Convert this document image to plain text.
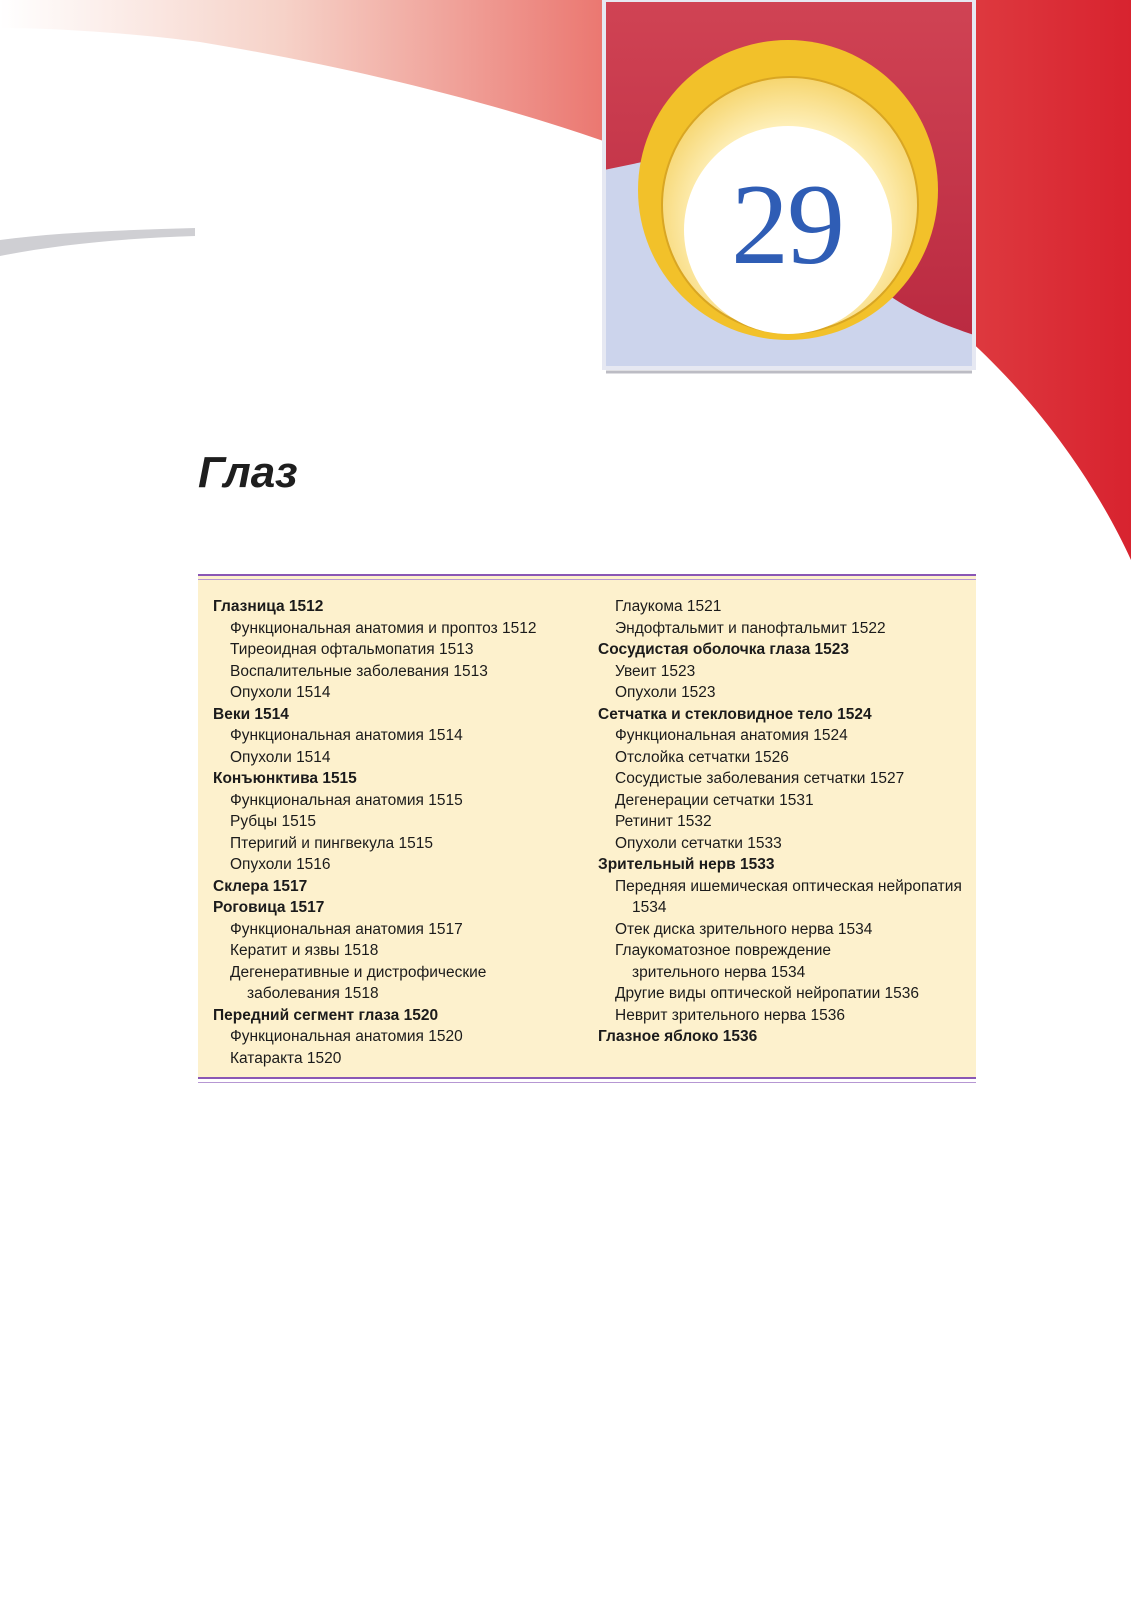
29
Глаз
Глазница 1512
Функциональная анатомия и проптоз 1512
Тиреоидная офтальмопатия 1513
Воспалительные заболевания 1513
Опухоли 1514
Веки 1514
Функциональная анатомия 1514
Опухоли 1514
Конъюнктива 1515
Функциональная анатомия 1515
Рубцы 1515
Птеригий и пингвекула 1515
Опухоли 1516
Склера 1517
Роговица 1517
Функциональная анатомия 1517
Кератит и язвы 1518
Дегенеративные и дистрофические
заболевания 1518
Передний сегмент глаза 1520
Функциональная анатомия 1520
Катаракта 1520
Глаукома 1521
Эндофтальмит и панофтальмит 1522
Сосудистая оболочка глаза 1523
Увеит 1523
Опухоли 1523
Сетчатка и стекловидное тело 1524
Функциональная анатомия 1524
Отслойка сетчатки 1526
Сосудистые заболевания сетчатки 1527
Дегенерации сетчатки 1531
Ретинит 1532
Опухоли сетчатки 1533
Зрительный нерв 1533
Передняя ишемическая оптическая нейропатия
1534
Отек диска зрительного нерва 1534
Глаукоматозное повреждение
зрительного нерва 1534
Другие виды оптической нейропатии 1536
Неврит зрительного нерва 1536
Глазное яблоко 1536
